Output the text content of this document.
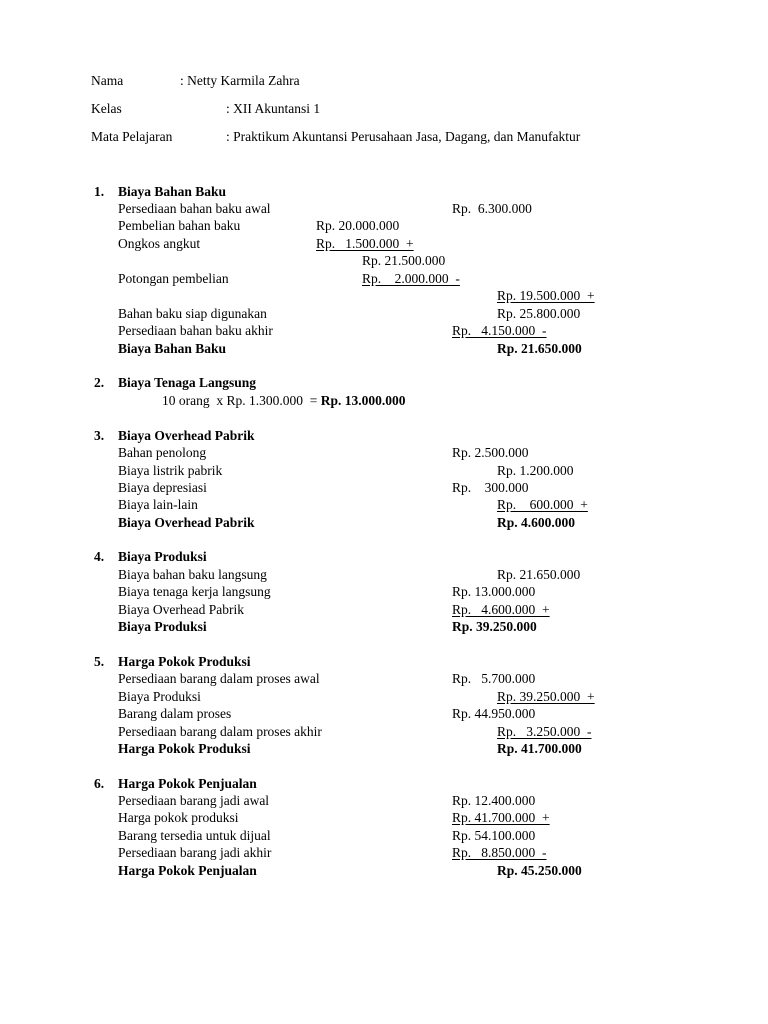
Nama	: Netty Karmila Zahra
Kelas	: XII Akuntansi 1
Mata Pelajaran	: Praktikum Akuntansi Perusahaan Jasa, Dagang, dan Manufaktur
1. Biaya Bahan Baku
Persediaan bahan baku awal	Rp.  6.300.000
Pembelian bahan baku	Rp. 20.000.000
Ongkos angkut	Rp.   1.500.000  +
Rp. 21.500.000
Potongan pembelian	Rp.    2.000.000  -
Rp. 19.500.000  +
Bahan baku siap digunakan	Rp. 25.800.000
Persediaan bahan baku akhir	Rp.   4.150.000  -
Biaya Bahan Baku	Rp. 21.650.000
2. Biaya Tenaga Langsung
10 orang  x Rp. 1.300.000  = Rp. 13.000.000
3. Biaya Overhead Pabrik
Bahan penolong	Rp. 2.500.000
Biaya listrik pabrik	Rp. 1.200.000
Biaya depresiasi	Rp.    300.000
Biaya lain-lain	Rp.    600.000  +
Biaya Overhead Pabrik	Rp. 4.600.000
4. Biaya Produksi
Biaya bahan baku langsung	Rp. 21.650.000
Biaya tenaga kerja langsung	Rp. 13.000.000
Biaya Overhead Pabrik	Rp.   4.600.000  +
Biaya Produksi	Rp. 39.250.000
5. Harga Pokok Produksi
Persediaan barang dalam proses awal	Rp.   5.700.000
Biaya Produksi	Rp. 39.250.000  +
Barang dalam proses	Rp. 44.950.000
Persediaan barang dalam proses akhir	Rp.   3.250.000  -
Harga Pokok Produksi	Rp. 41.700.000
6. Harga Pokok Penjualan
Persediaan barang jadi awal	Rp. 12.400.000
Harga pokok produksi	Rp. 41.700.000  +
Barang tersedia untuk dijual	Rp. 54.100.000
Persediaan barang jadi akhir	Rp.   8.850.000  -
Harga Pokok Penjualan	Rp. 45.250.000
